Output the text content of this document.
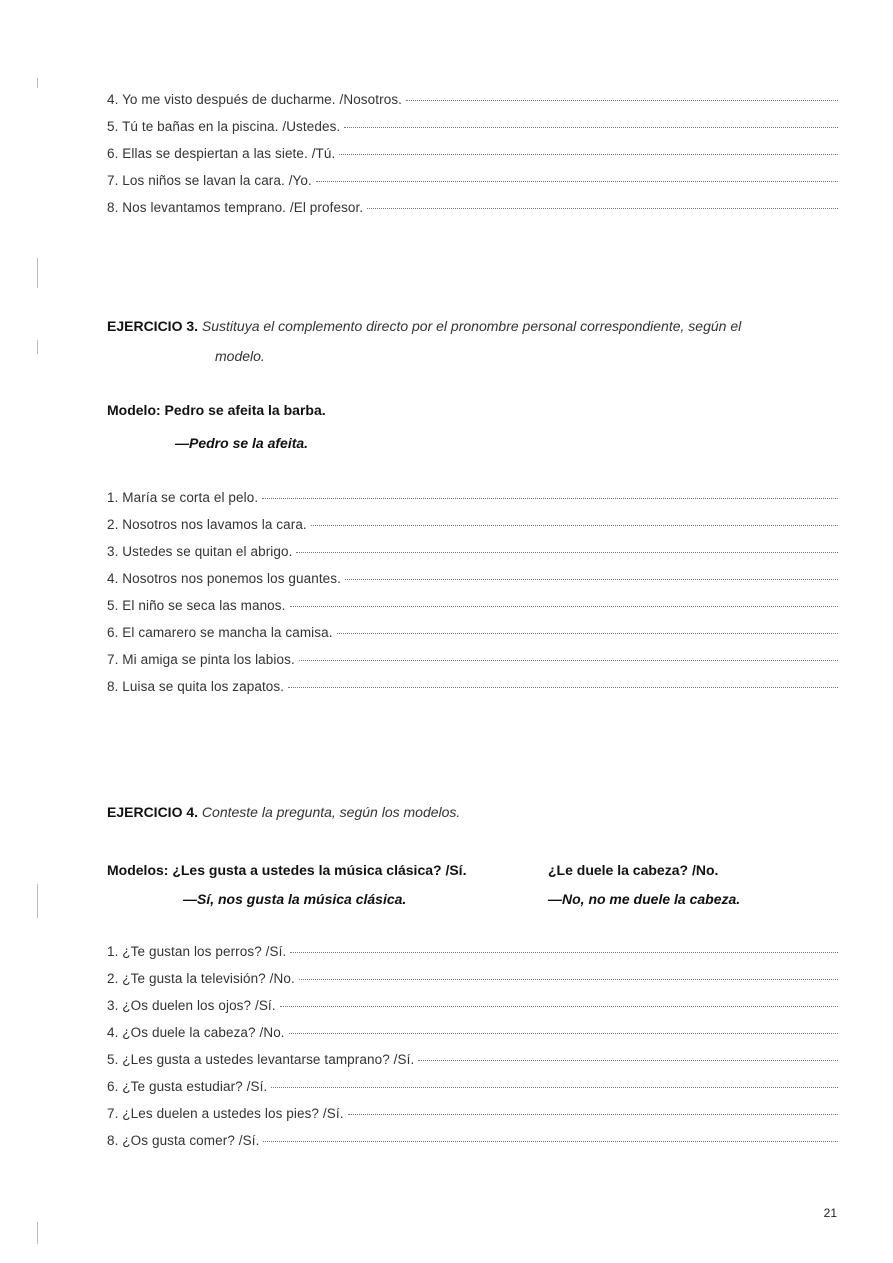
4. Yo me visto después de ducharme. /Nosotros.
5. Tú te bañas en la piscina. /Ustedes.
6. Ellas se despiertan a las siete. /Tú.
7. Los niños se lavan la cara. /Yo.
8. Nos levantamos temprano. /El profesor.
EJERCICIO 3. Sustituya el complemento directo por el pronombre personal correspondiente, según el
modelo.
Modelo: Pedro se afeita la barba.
—Pedro se la afeita.
1. María se corta el pelo.
2. Nosotros nos lavamos la cara.
3. Ustedes se quitan el abrigo.
4. Nosotros nos ponemos los guantes.
5. El niño se seca las manos.
6. El camarero se mancha la camisa.
7. Mi amiga se pinta los labios.
8. Luisa se quita los zapatos.
EJERCICIO 4. Conteste la pregunta, según los modelos.
Modelos: ¿Les gusta a ustedes la música clásica? /Sí.
—Sí, nos gusta la música clásica.
¿Le duele la cabeza? /No.
—No, no me duele la cabeza.
1. ¿Te gustan los perros? /Sí.
2. ¿Te gusta la televisión? /No.
3. ¿Os duelen los ojos? /Sí.
4. ¿Os duele la cabeza? /No.
5. ¿Les gusta a ustedes levantarse tamprano? /Sí.
6. ¿Te gusta estudiar? /Sí.
7. ¿Les duelen a ustedes los pies? /Sí.
8. ¿Os gusta comer? /Sí.
21
